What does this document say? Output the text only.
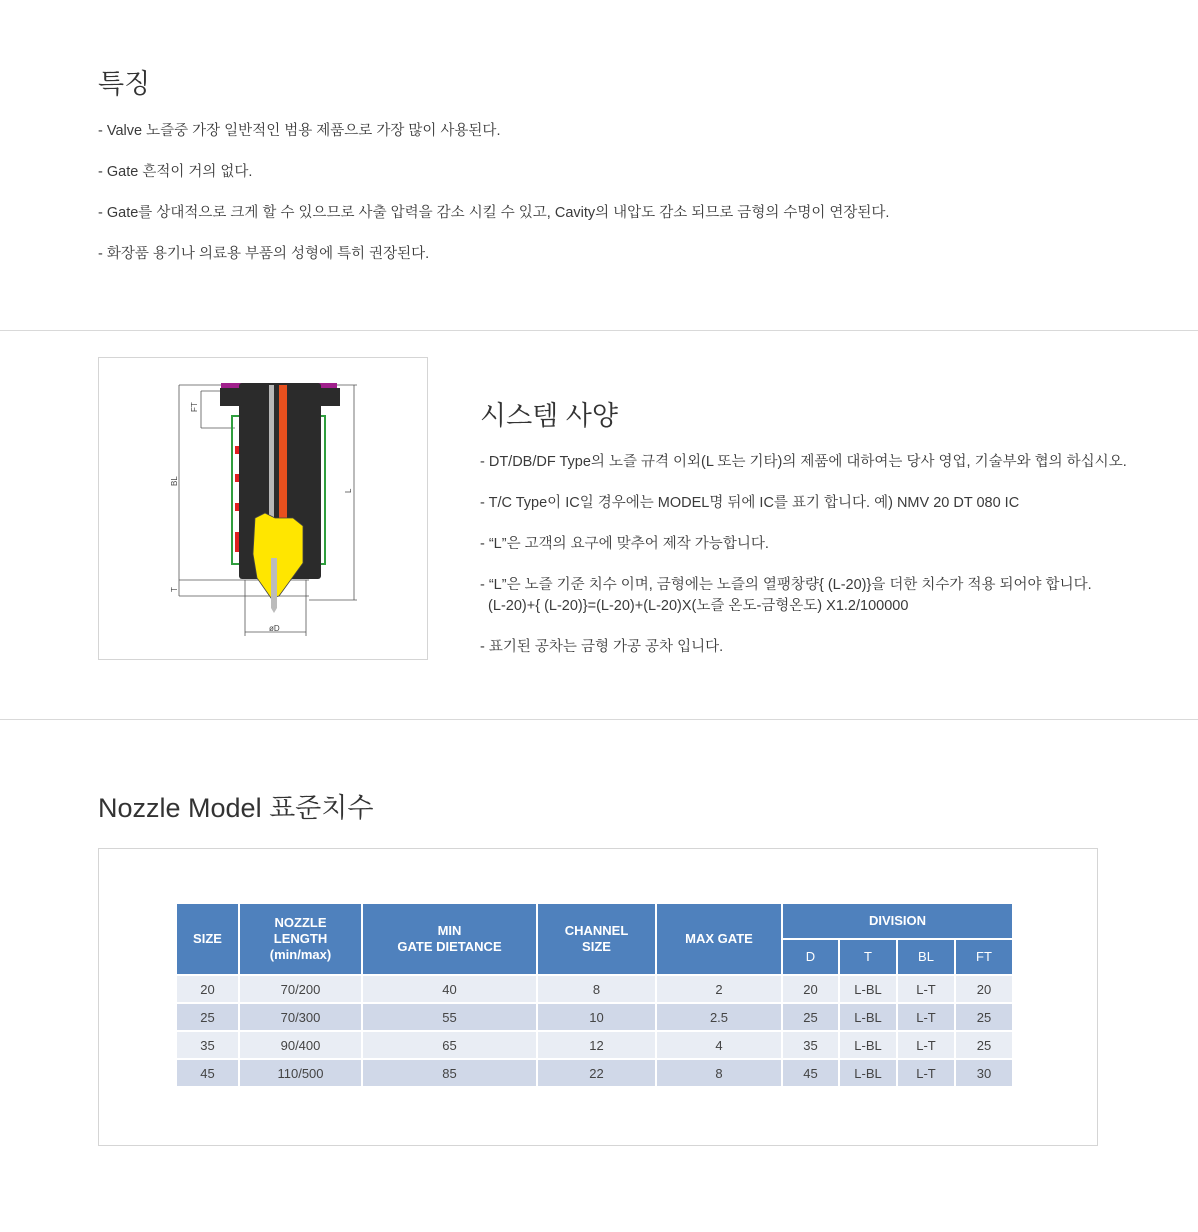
특징

- Valve 노즐중 가장 일반적인 범용 제품으로 가장 많이 사용된다.

- Gate 흔적이 거의 없다.

- Gate를 상대적으로 크게 할 수 있으므로 사출 압력을 감소 시킬 수 있고, Cavity의 내압도 감소 되므로 금형의 수명이 연장된다.

- 화장품 용기나 의료용 부품의 성형에 특히 권장된다.

FT
BL
L
T
øD
시스템 사양

- DT/DB/DF Type의 노즐 규격 이외(L 또는 기타)의 제품에 대하여는 당사 영업, 기술부와 협의 하십시오.

- T/C Type이 IC일 경우에는 MODEL명 뒤에 IC를 표기 합니다. 예) NMV 20 DT 080 IC

- “L”은 고객의 요구에 맞추어 제작 가능합니다.

- “L”은 노즐 기준 치수 이며, 금형에는 노즐의 열팽창량{ (L-20)}을 더한 치수가 적용 되어야 합니다.

(L-20)+{ (L-20)}=(L-20)+(L-20)X(노즐 온도-금형온도) X1.2/100000

- 표기된 공차는 금형 가공 공차 입니다.

Nozzle Model 표준치수
SIZE	NOZZLE
LENGTH
(min/max)	MIN
GATE DIETANCE	CHANNEL
SIZE	MAX GATE	DIVISION			
					D	T	BL	FT
20	70/200	40	8	2	20	L-BL	L-T	20
25	70/300	55	10	2.5	25	L-BL	L-T	25
35	90/400	65	12	4	35	L-BL	L-T	25
45	110/500	85	22	8	45	L-BL	L-T	30
